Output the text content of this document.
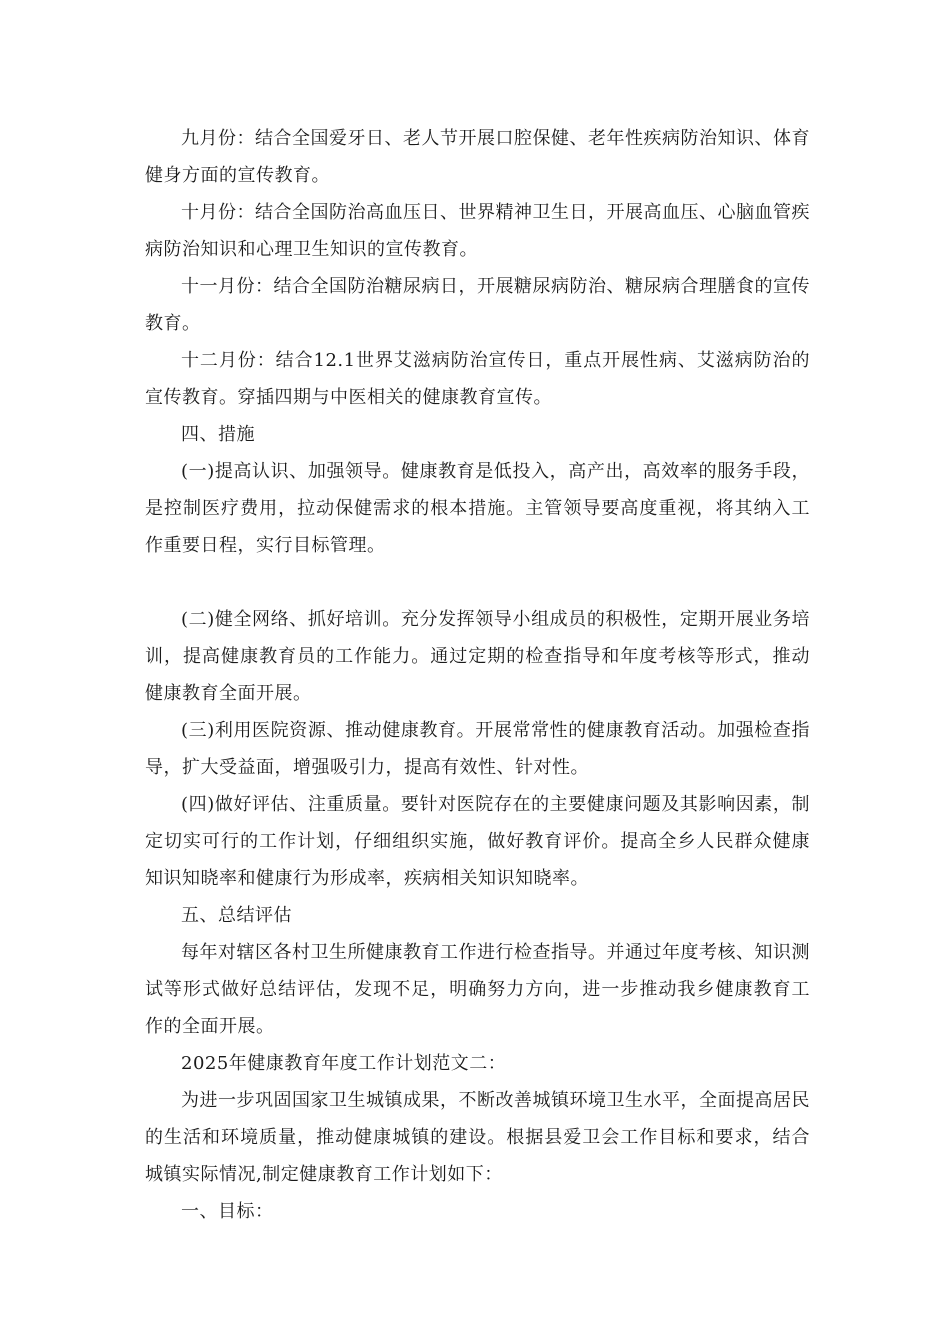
九月份：结合全国爱牙日、老人节开展口腔保健、老年性疾病防治知识、体育健身方面的宣传教育。

十月份：结合全国防治高血压日、世界精神卫生日，开展高血压、心脑血管疾病防治知识和心理卫生知识的宣传教育。

十一月份：结合全国防治糖尿病日，开展糖尿病防治、糖尿病合理膳食的宣传教育。

十二月份：结合12.1世界艾滋病防治宣传日，重点开展性病、艾滋病防治的宣传教育。穿插四期与中医相关的健康教育宣传。

四、措施

(一)提高认识、加强领导。健康教育是低投入，高产出，高效率的服务手段，是控制医疗费用，拉动保健需求的根本措施。主管领导要高度重视，将其纳入工作重要日程，实行目标管理。

(二)健全网络、抓好培训。充分发挥领导小组成员的积极性，定期开展业务培训，提高健康教育员的工作能力。通过定期的检查指导和年度考核等形式，推动健康教育全面开展。

(三)利用医院资源、推动健康教育。开展常常性的健康教育活动。加强检查指导，扩大受益面，增强吸引力，提高有效性、针对性。

(四)做好评估、注重质量。要针对医院存在的主要健康问题及其影响因素，制定切实可行的工作计划，仔细组织实施，做好教育评价。提高全乡人民群众健康知识知晓率和健康行为形成率，疾病相关知识知晓率。

五、总结评估

每年对辖区各村卫生所健康教育工作进行检查指导。并通过年度考核、知识测试等形式做好总结评估，发现不足，明确努力方向，进一步推动我乡健康教育工作的全面开展。

2025年健康教育年度工作计划范文二：

为进一步巩固国家卫生城镇成果，不断改善城镇环境卫生水平，全面提高居民的生活和环境质量，推动健康城镇的建设。根据县爱卫会工作目标和要求，结合城镇实际情况,制定健康教育工作计划如下：

一、目标：
